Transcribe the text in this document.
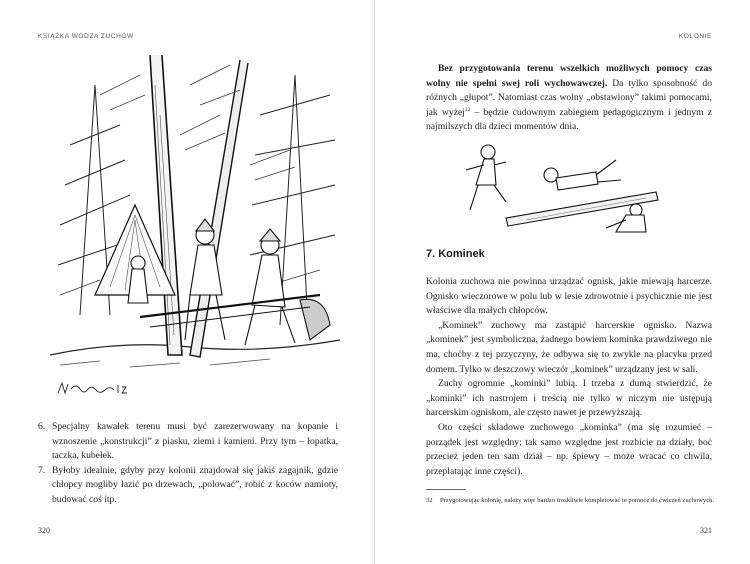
KSIĄŻKA WODZA ZUCHÓW
6. Specjalny kawałek terenu musi być zarezerwowany na kopanie i wznoszenie „konstrukcji” z piasku, ziemi i kamieni. Przy tym – łopatka, taczka, kubełek.
7. Byłoby idealnie, gdyby przy kolonii znajdował się jakiś zagajnik, gdzie chłopcy mogliby łazić po drzewach, „polować”, robić z koców namioty, budować coś itp.
320
KOLONIE
321

Bez przygotowania terenu wszelkich możliwych pomocy czas wolny nie spełni swej roli wychowawczej. Da tylko sposobność do różnych „głupot”. Natomiast czas wolny „obstawiony” takimi pomocami, jak wyżej$^{32}$ – będzie cudownym zabiegiem pedagogicznym i jednym z najmilszych dla dzieci momentów dnia.

7. Kominek

Kolonia zuchowa nie powinna urządzać ognisk, jakie miewają harcerze. Ognisko wieczorowe w polu lub w lesie zdrowotnie i psychicznie nie jest właściwe dla małych chłopców.

„Kominek” zuchowy ma zastąpić harcerskie ognisko. Nazwa „kominek” jest symboliczna, żadnego bowiem kominka prawdziwego nie ma, choćby z tej przyczyny, że odbywa się to zwykle na placyku przed domem. Tylko w deszczowy wieczór „kominek” urządzany jest w sali.

Zuchy ogromnie „kominki” lubią. I trzeba z dumą stwierdzić, że „kominki” ich nastrojem i treścią nie tylko w niczym nie ustępują harcerskim ogniskom, ale często nawet je przewyższają.

Oto części składowe zuchowego „kominka” (ma się rozumieć – porządek jest względny; tak samo względne jest rozbicie na działy, boć przecież jeden ten sam dział – np. śpiewy – może wracać co chwila, przeplatając inne części).

32	Przygotowując kolonię, należy więc bardzo troskliwie kompletować te pomoce do ćwiczeń zuchowych.
